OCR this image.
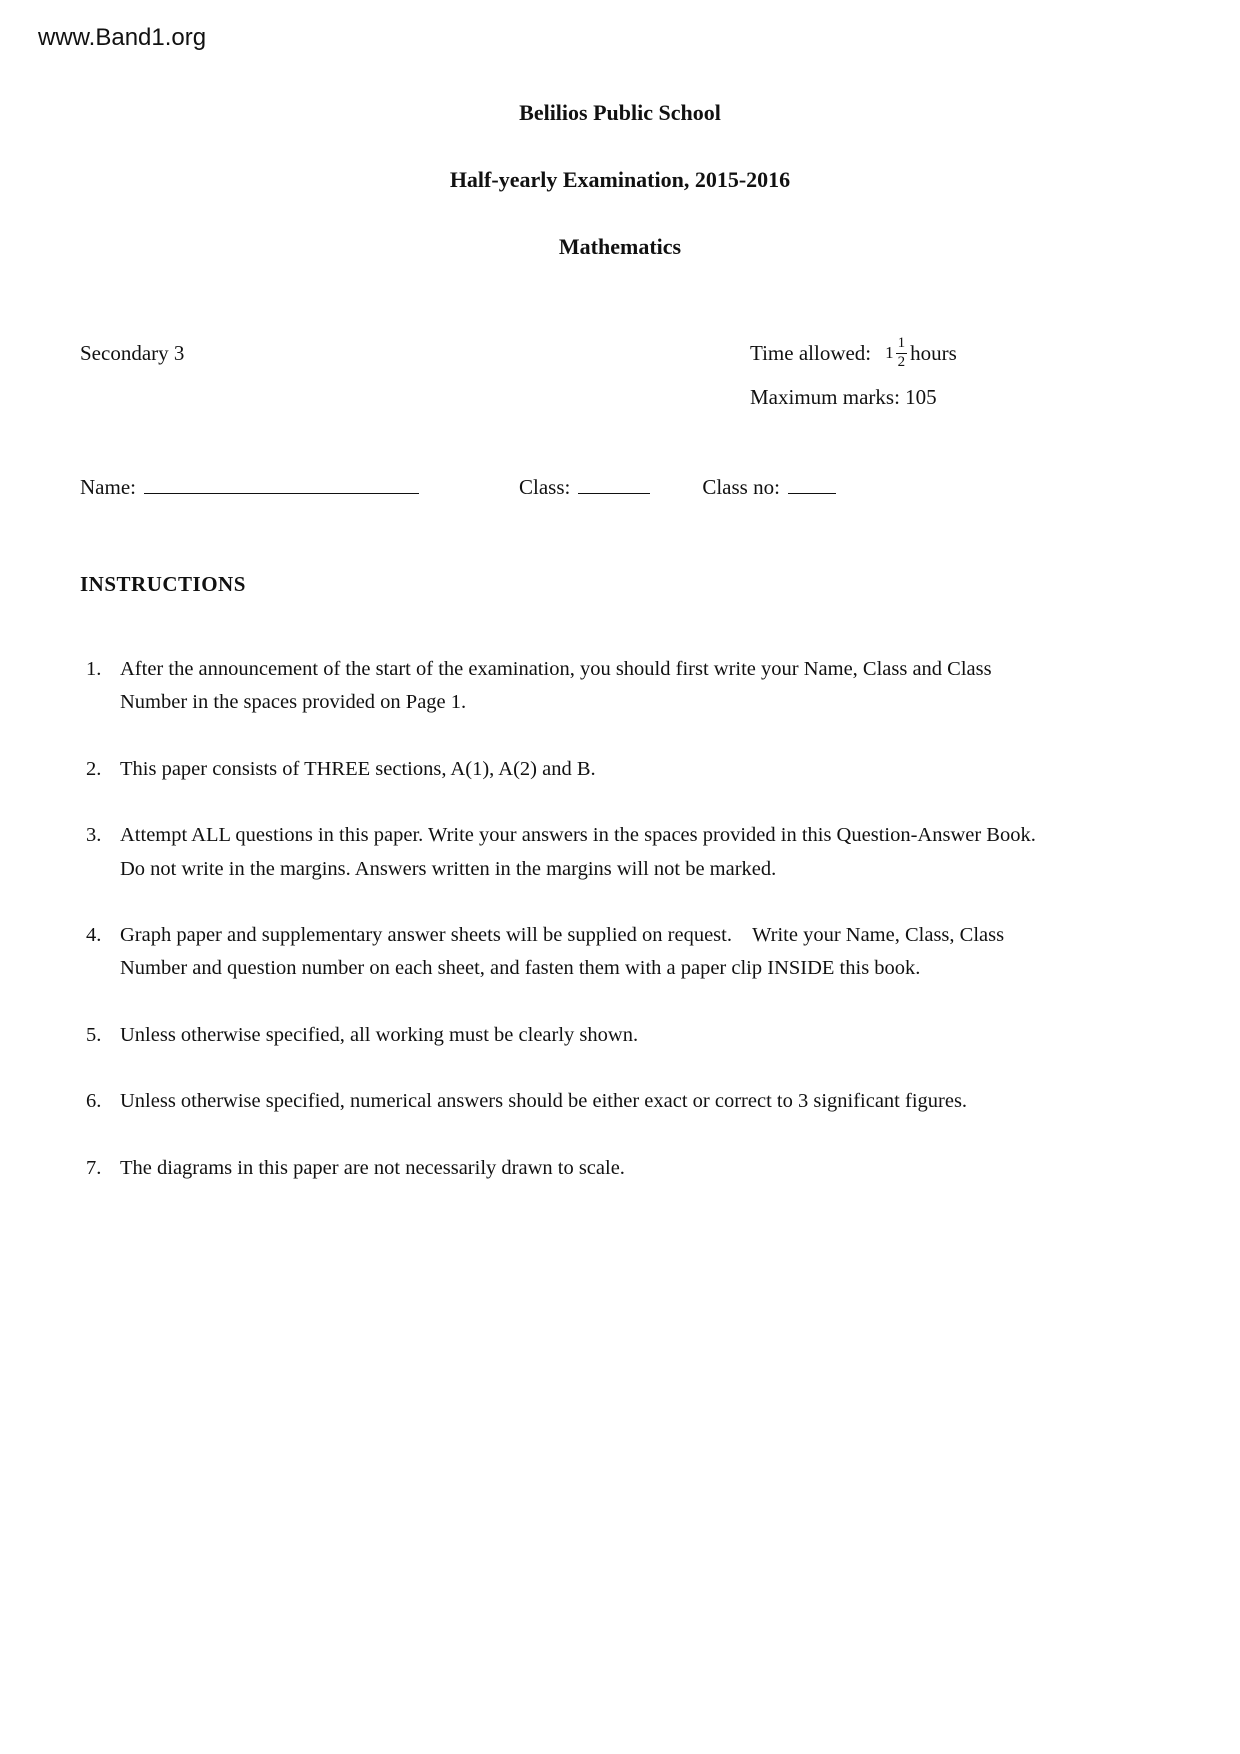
www.Band1.org
Belilios Public School
Half-yearly Examination, 2015-2016
Mathematics
Secondary 3	Time allowed: $1 \frac{1}{2}$ hours
Maximum marks: 105
Name:	Class:	Class no:
INSTRUCTIONS
1. After the announcement of the start of the examination, you should first write your Name, Class and Class Number in the spaces provided on Page 1.
2. This paper consists of THREE sections, A(1), A(2) and B.
3. Attempt ALL questions in this paper. Write your answers in the spaces provided in this Question-Answer Book. Do not write in the margins. Answers written in the margins will not be marked.
4. Graph paper and supplementary answer sheets will be supplied on request.    Write your Name, Class, Class Number and question number on each sheet, and fasten them with a paper clip INSIDE this book.
5. Unless otherwise specified, all working must be clearly shown.
6. Unless otherwise specified, numerical answers should be either exact or correct to 3 significant figures.
7. The diagrams in this paper are not necessarily drawn to scale.
